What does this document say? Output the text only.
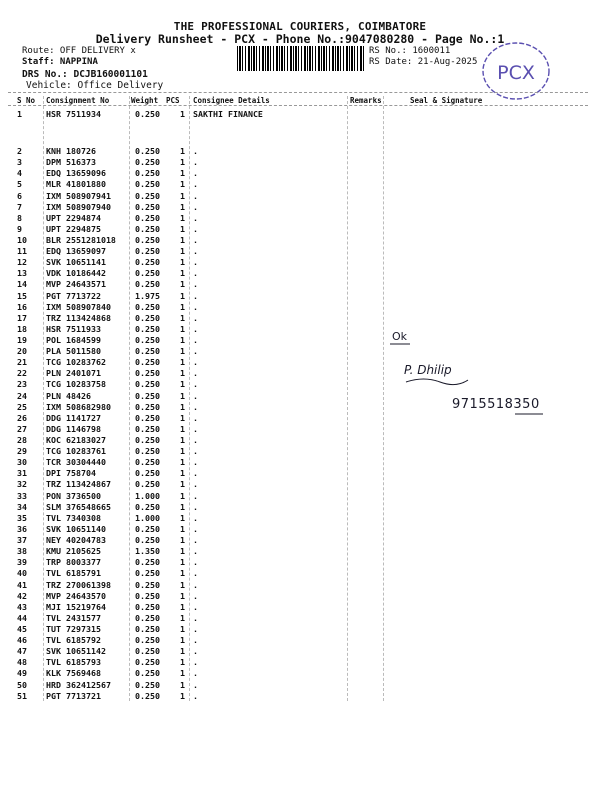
THE PROFESSIONAL COURIERS, COIMBATORE
Delivery Runsheet - PCX - Phone No.:9047080280 - Page No.:1
Route: OFF DELIVERY x
Staff: NAPPINA
DRS No.: DCJB160001101
Vehicle: Office Delivery
RS No.: 1600011
RS Date: 21-Aug-2025 PCX
S No Consignment No	Weight PCS Consignee Details	Remarks	Seal & Signature
1	HSR 7511934	0.250 1 SAKTHI FINANCE
2	KNH 180726	0.250 1 .
3	DPM 516373	0.250 1 .
4	EDQ 13659096	0.250 1 .
5	MLR 41801880	0.250 1 .
6	IXM 508907941	0.250 1 .
7	IXM 508907940	0.250 1 .
8	UPT 2294874	0.250 1 .
9	UPT 2294875	0.250 1 .
10 BLR 2551281018 0.250 1 .
11 EDQ 13659097	0.250 1 .
12 SVK 10651141	0.250 1 .
13 VDK 10186442	0.250 1 .
14 MVP 24643571	0.250 1 .
15 PGT 7713722	1.975 1 .
16 IXM 508907840	0.250 1 .
17 TRZ 113424868	0.250 1 .
18 HSR 7511933	0.250 1 .
19 POL 1684599	0.250 1 .
20 PLA 5011580	0.250 1 .
21 TCG 10283762	0.250 1 .
22 PLN 2401071	0.250 1 .
23 TCG 10283758	0.250 1 .
24 PLN 48426	0.250 1 .
25 IXM 508682980	0.250 1 .
26 DDG 1141727	0.250 1 .
27 DDG 1146798	0.250 1 .
28 KOC 62183027	0.250 1 .
29 TCG 10283761	0.250 1 .
30 TCR 30304440	0.250 1 .
31 DPI 758704	0.250 1 .
32 TRZ 113424867	0.250 1 .
33 PON 3736500	1.000 1 .
34 SLM 376548665	0.250 1 .
35 TVL 7340308	1.000 1 .
36 SVK 10651140	0.250 1 .
37 NEY 40204783	0.250 1 .
38 KMU 2105625	1.350 1 .
39 TRP 8003377	0.250 1 .
40 TVL 6185791	0.250 1 .
41 TRZ 270061398	0.250 1 .
42 MVP 24643570	0.250 1 .
43 MJI 15219764	0.250 1 .
44 TVL 2431577	0.250 1 .
45 TUT 7297315	0.250 1 .
46 TVL 6185792	0.250 1 .
47 SVK 10651142	0.250 1 .
48 TVL 6185793	0.250 1 .
49 KLK 7569468	0.250 1 .
50 HRD 362412567	0.250 1 .
51 PGT 7713721	0.250 1 .
Ok
P. Dhilip
9715518350
